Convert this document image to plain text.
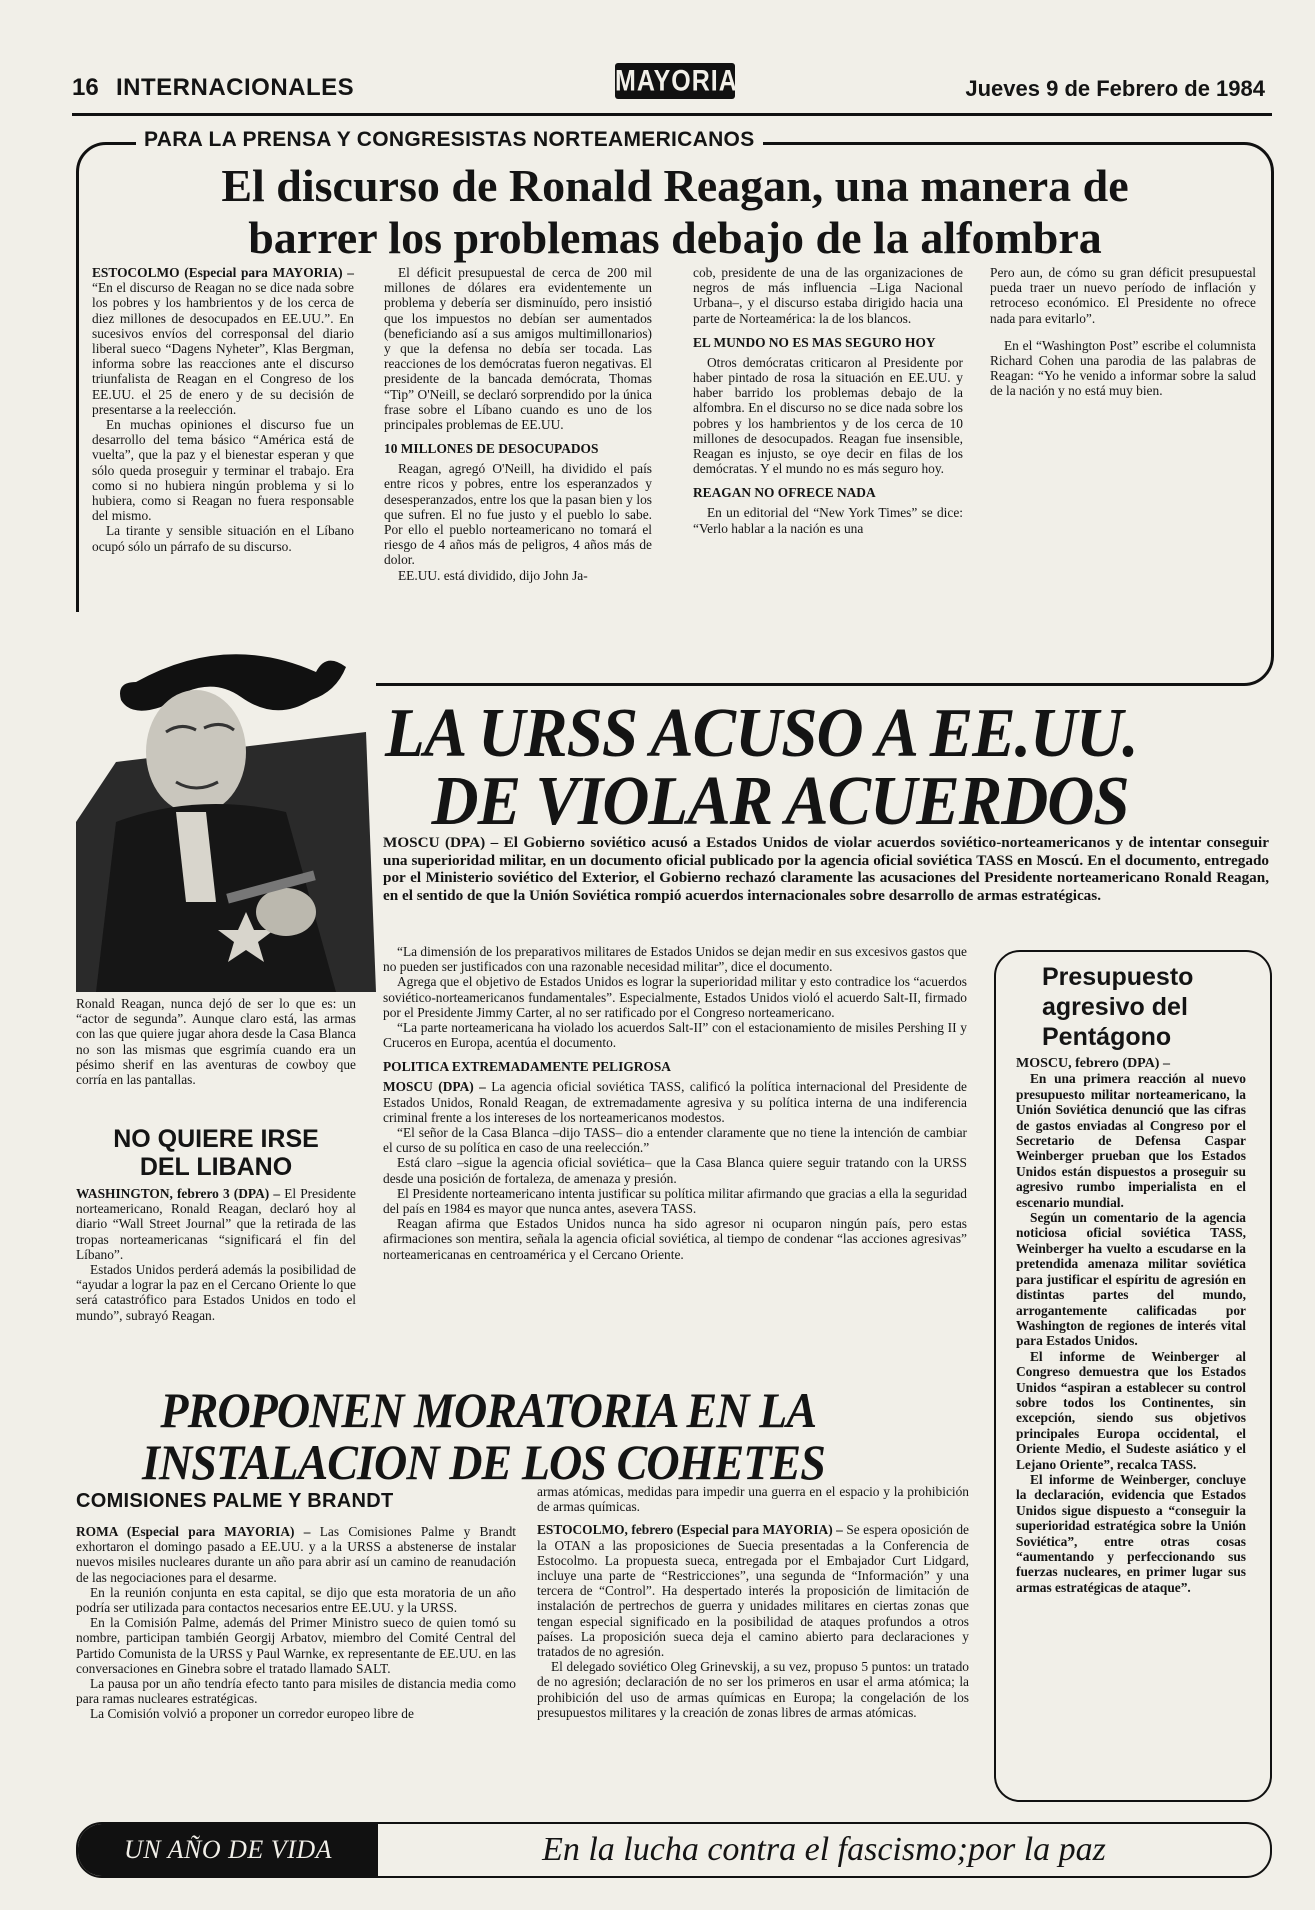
16 INTERNACIONALES	MAYORIA	Jueves 9 de Febrero de 1984
PARA LA PRENSA Y CONGRESISTAS NORTEAMERICANOS
El discurso de Ronald Reagan, una manera de
barrer los problemas debajo de la alfombra

ESTOCOLMO (Especial para MAYORIA) – “En el discurso de Reagan no se dice nada sobre los pobres y los hambrientos y de los cerca de diez millones de desocupados en EE.UU.”. En sucesivos envíos del corresponsal del diario liberal sueco “Dagens Nyheter”, Klas Bergman, informa sobre las reacciones ante el discurso triunfalista de Reagan en el Congreso de los EE.UU. el 25 de enero y de su decisión de presentarse a la reelección.

En muchas opiniones el discurso fue un desarrollo del tema básico “América está de vuelta”, que la paz y el bienestar esperan y que sólo queda proseguir y terminar el trabajo. Era como si no hubiera ningún problema y si lo hubiera, como si Reagan no fuera responsable del mismo.

La tirante y sensible situación en el Líbano ocupó sólo un párrafo de su discurso.

El déficit presupuestal de cerca de 200 mil millones de dólares era evidentemente un problema y debería ser disminuído, pero insistió que los impuestos no debían ser aumentados (beneficiando así a sus amigos multimillonarios) y que la defensa no debía ser tocada. Las reacciones de los demócratas fueron negativas. El presidente de la bancada demócrata, Thomas “Tip” O'Neill, se declaró sorprendido por la única frase sobre el Líbano cuando es uno de los principales problemas de EE.UU.

10 MILLONES DE DESOCUPADOS

Reagan, agregó O'Neill, ha dividido el país entre ricos y pobres, entre los esperanzados y desesperanzados, entre los que la pasan bien y los que sufren. El no fue justo y el pueblo lo sabe. Por ello el pueblo norteamericano no tomará el riesgo de 4 años más de peligros, 4 años más de dolor.

EE.UU. está dividido, dijo John Ja-

cob, presidente de una de las organizaciones de negros de más influencia –Liga Nacional Urbana–, y el discurso estaba dirigido hacia una parte de Norteamérica: la de los blancos.

EL MUNDO NO ES MAS SEGURO HOY

Otros demócratas criticaron al Presidente por haber pintado de rosa la situación en EE.UU. y haber barrido los problemas debajo de la alfombra. En el discurso no se dice nada sobre los pobres y los hambrientos y de los cerca de 10 millones de desocupados. Reagan fue insensible, Reagan es injusto, se oye decir en filas de los demócratas. Y el mundo no es más seguro hoy.

REAGAN NO OFRECE NADA

En un editorial del “New York Times” se dice: “Verlo hablar a la nación es una

Pero aun, de cómo su gran déficit presupuestal pueda traer un nuevo período de inflación y retroceso económico. El Presidente no ofrece nada para evitarlo”.

En el “Washington Post” escribe el columnista Richard Cohen una parodia de las palabras de Reagan: “Yo he venido a informar sobre la salud de la nación y no está muy bien.

LA URSS ACUSO A EE.UU.
DE VIOLAR ACUERDOS

MOSCU (DPA) – El Gobierno soviético acusó a Estados Unidos de violar acuerdos soviético-norteamericanos y de intentar conseguir una superioridad militar, en un documento oficial publicado por la agencia oficial soviética TASS en Moscú. En el documento, entregado por el Ministerio soviético del Exterior, el Gobierno rechazó claramente las acusaciones del Presidente norteamericano Ronald Reagan, en el sentido de que la Unión Soviética rompió acuerdos internacionales sobre desarrollo de armas estratégicas.

“La dimensión de los preparativos militares de Estados Unidos se dejan medir en sus excesivos gastos que no pueden ser justificados con una razonable necesidad militar”, dice el documento.

Agrega que el objetivo de Estados Unidos es lograr la superioridad militar y esto contradice los “acuerdos soviético-norteamericanos fundamentales”. Especialmente, Estados Unidos violó el acuerdo Salt-II, firmado por el Presidente Jimmy Carter, al no ser ratificado por el Congreso norteamericano.

“La parte norteamericana ha violado los acuerdos Salt-II” con el estacionamiento de misiles Pershing II y Cruceros en Europa, acentúa el documento.

POLITICA EXTREMADAMENTE PELIGROSA

MOSCU (DPA) – La agencia oficial soviética TASS, calificó la política internacional del Presidente de Estados Unidos, Ronald Reagan, de extremadamente agresiva y su política interna de una indiferencia criminal frente a los intereses de los norteamericanos modestos.

“El señor de la Casa Blanca –dijo TASS– dio a entender claramente que no tiene la intención de cambiar el curso de su política en caso de una reelección.”

Está claro –sigue la agencia oficial soviética– que la Casa Blanca quiere seguir tratando con la URSS desde una posición de fortaleza, de amenaza y presión.

El Presidente norteamericano intenta justificar su política militar afirmando que gracias a ella la seguridad del país en 1984 es mayor que nunca antes, asevera TASS.

Reagan afirma que Estados Unidos nunca ha sido agresor ni ocuparon ningún país, pero estas afirmaciones son mentira, señala la agencia oficial soviética, al tiempo de condenar “las acciones agresivas” norteamericanas en centroamérica y el Cercano Oriente.

Ronald Reagan, nunca dejó de ser lo que es: un “actor de segunda”. Aunque claro está, las armas con las que quiere jugar ahora desde la Casa Blanca no son las mismas que esgrimía cuando era un pésimo sherif en las aventuras de cowboy que corría en las pantallas.

NO QUIERE IRSE
DEL LIBANO

WASHINGTON, febrero 3 (DPA) – El Presidente norteamericano, Ronald Reagan, declaró hoy al diario “Wall Street Journal” que la retirada de las tropas norteamericanas “significará el fin del Líbano”.

Estados Unidos perderá además la posibilidad de “ayudar a lograr la paz en el Cercano Oriente lo que será catastrófico para Estados Unidos en todo el mundo”, subrayó Reagan.

Presupuesto
agresivo del
Pentágono

MOSCU, febrero (DPA) –

En una primera reacción al nuevo presupuesto militar norteamericano, la Unión Soviética denunció que las cifras de gastos enviadas al Congreso por el Secretario de Defensa Caspar Weinberger prueban que los Estados Unidos están dispuestos a proseguir su agresivo rumbo imperialista en el escenario mundial.

Según un comentario de la agencia noticiosa oficial soviética TASS, Weinberger ha vuelto a escudarse en la pretendida amenaza militar soviética para justificar el espíritu de agresión en distintas partes del mundo, arrogantemente calificadas por Washington de regiones de interés vital para Estados Unidos.

El informe de Weinberger al Congreso demuestra que los Estados Unidos “aspiran a establecer su control sobre todos los Continentes, sin excepción, siendo sus objetivos principales Europa occidental, el Oriente Medio, el Sudeste asiático y el Lejano Oriente”, recalca TASS.

El informe de Weinberger, concluye la declaración, evidencia que Estados Unidos sigue dispuesto a “conseguir la superioridad estratégica sobre la Unión Soviética”, entre otras cosas “aumentando y perfeccionando sus fuerzas nucleares, en primer lugar sus armas estratégicas de ataque”.

PROPONEN MORATORIA EN LA
INSTALACION DE LOS COHETES
COMISIONES PALME Y BRANDT

ROMA (Especial para MAYORIA) – Las Comisiones Palme y Brandt exhortaron el domingo pasado a EE.UU. y a la URSS a abstenerse de instalar nuevos misiles nucleares durante un año para abrir así un camino de reanudación de las negociaciones para el desarme.

En la reunión conjunta en esta capital, se dijo que esta moratoria de un año podría ser utilizada para contactos necesarios entre EE.UU. y la URSS.

En la Comisión Palme, además del Primer Ministro sueco de quien tomó su nombre, participan también Georgij Arbatov, miembro del Comité Central del Partido Comunista de la URSS y Paul Warnke, ex representante de EE.UU. en las conversaciones en Ginebra sobre el tratado llamado SALT.

La pausa por un año tendría efecto tanto para misiles de distancia media como para ramas nucleares estratégicas.

La Comisión volvió a proponer un corredor europeo libre de

armas atómicas, medidas para impedir una guerra en el espacio y la prohibición de armas químicas.

ESTOCOLMO, febrero (Especial para MAYORIA) – Se espera oposición de la OTAN a las proposiciones de Suecia presentadas a la Conferencia de Estocolmo. La propuesta sueca, entregada por el Embajador Curt Lidgard, incluye una parte de “Restricciones”, una segunda de “Información” y una tercera de “Control”. Ha despertado interés la proposición de limitación de instalación de pertrechos de guerra y unidades militares en ciertas zonas que tengan especial significado en la posibilidad de ataques profundos a otros países. La proposición sueca deja el camino abierto para declaraciones y tratados de no agresión.

El delegado soviético Oleg Grinevskij, a su vez, propuso 5 puntos: un tratado de no agresión; declaración de no ser los primeros en usar el arma atómica; la prohibición del uso de armas químicas en Europa; la congelación de los presupuestos militares y la creación de zonas libres de armas atómicas.

UN AÑO DE VIDA	En la lucha contra el fascismo;por la paz
